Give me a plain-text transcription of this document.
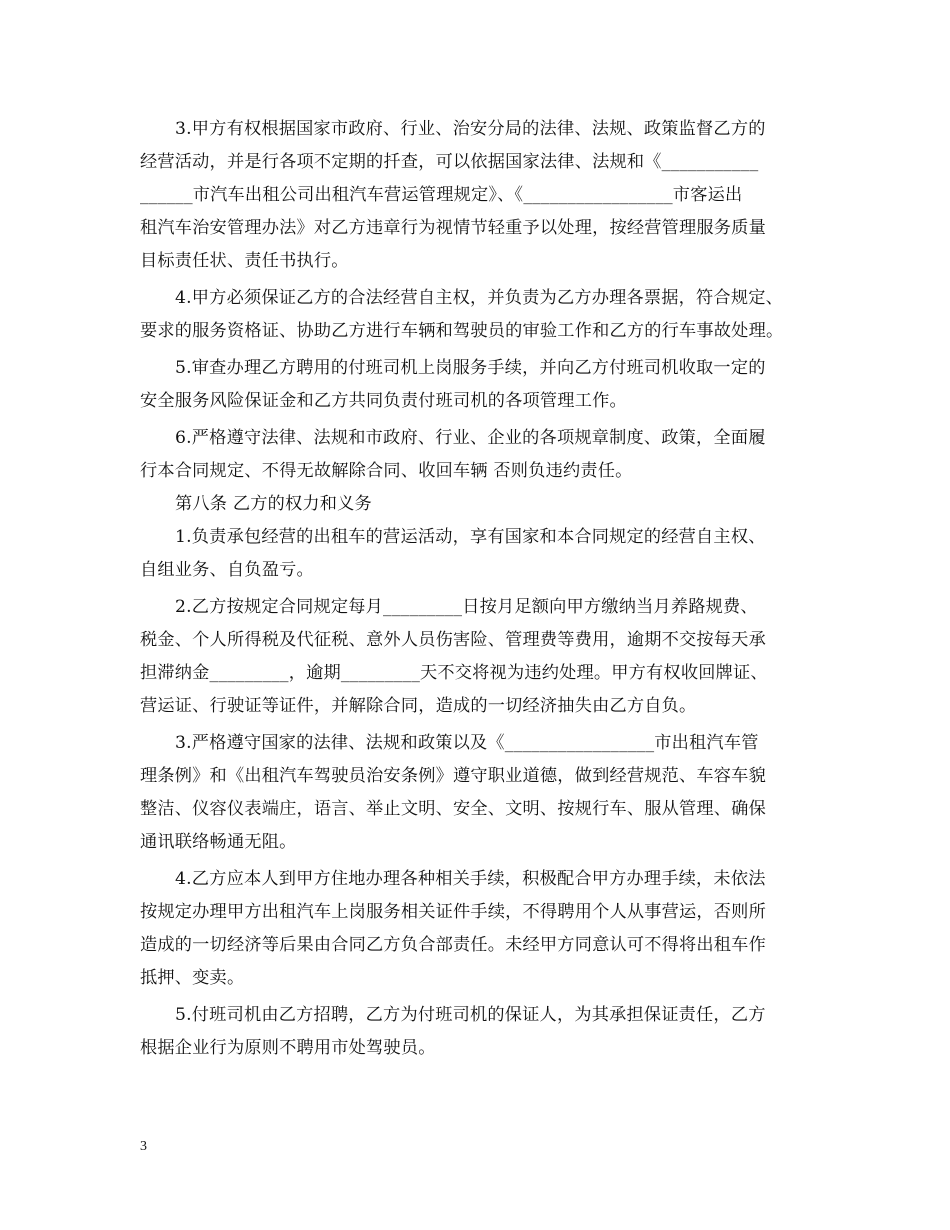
3.甲方有权根据国家市政府、行业、治安分局的法律、法规、政策监督乙方的
经营活动，并是行各项不定期的扦查，可以依据国家法律、法规和《___________
______市汽车出租公司出租汽车营运管理规定》、《_________________市客运出
租汽车治安管理办法》对乙方违章行为视情节轻重予以处理，按经营管理服务质量
目标责任状、责任书执行。
4.甲方必须保证乙方的合法经营自主权，并负责为乙方办理各票据，符合规定、
要求的服务资格证、协助乙方进行车辆和驾驶员的审验工作和乙方的行车事故处理。
5.审查办理乙方聘用的付班司机上岗服务手续，并向乙方付班司机收取一定的
安全服务风险保证金和乙方共同负责付班司机的各项管理工作。
6.严格遵守法律、法规和市政府、行业、企业的各项规章制度、政策，全面履
行本合同规定、不得无故解除合同、收回车辆 否则负违约责任。
第八条 乙方的权力和义务
1.负责承包经营的出租车的营运活动，享有国家和本合同规定的经营自主权、
自组业务、自负盈亏。
2.乙方按规定合同规定每月_________日按月足额向甲方缴纳当月养路规费、
税金、个人所得税及代征税、意外人员伤害险、管理费等费用，逾期不交按每天承
担滞纳金_________，逾期_________天不交将视为违约处理。甲方有权收回牌证、
营运证、行驶证等证件，并解除合同，造成的一切经济抽失由乙方自负。
3.严格遵守国家的法律、法规和政策以及《_________________市出租汽车管
理条例》和《出租汽车驾驶员治安条例》遵守职业道德，做到经营规范、车容车貌
整洁、仪容仪表端庄，语言、举止文明、安全、文明、按规行车、服从管理、确保
通讯联络畅通无阻。
4.乙方应本人到甲方住地办理各种相关手续，积极配合甲方办理手续，未依法
按规定办理甲方出租汽车上岗服务相关证件手续，不得聘用个人从事营运，否则所
造成的一切经济等后果由合同乙方负合部责任。未经甲方同意认可不得将出租车作
抵押、变卖。
5.付班司机由乙方招聘，乙方为付班司机的保证人，为其承担保证责任，乙方
根据企业行为原则不聘用市处驾驶员。
3
